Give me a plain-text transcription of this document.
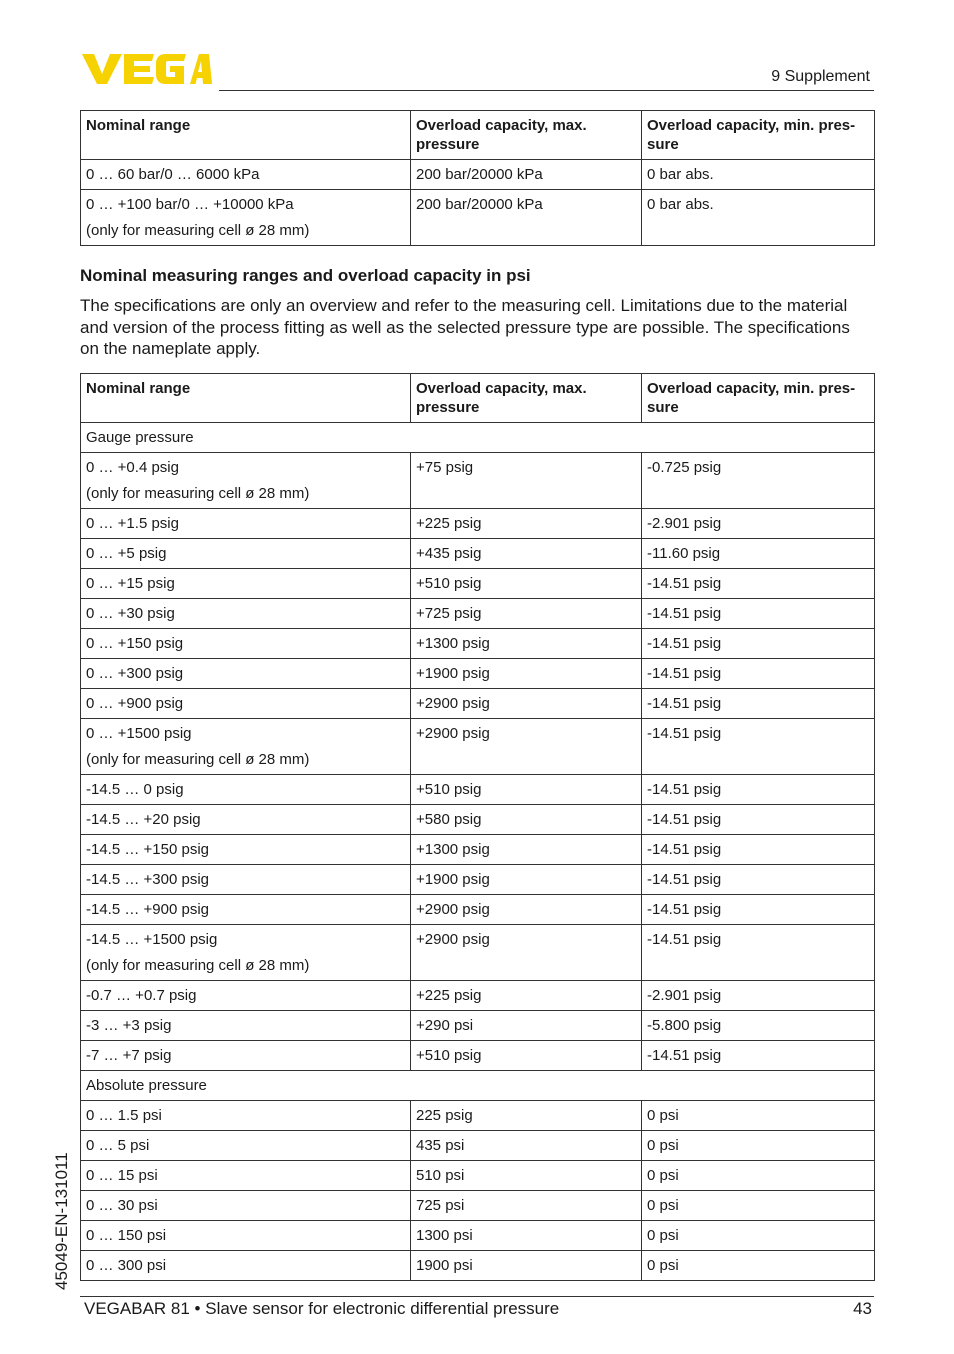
9 Supplement
Nominal range	Overload capacity, max. pressure	Overload capacity, min. pres-sure
0 … 60 bar/0 … 6000 kPa	200 bar/20000 kPa	0 bar abs.

0 … +100 bar/0 … +10000 kPa
(only for measuring cell ø 28 mm)	200 bar/20000 kPa	0 bar abs.
Nominal measuring ranges and overload capacity in psi
The specifications are only an overview and refer to the measuring cell. Limitations due to the material and version of the process fitting as well as the selected pressure type are possible. The specifications on the nameplate apply.
Nominal range	Overload capacity, max. pressure	Overload capacity, min. pres-sure
Gauge pressure		

0 … +0.4 psig
(only for measuring cell ø 28 mm)	+75 psig	-0.725 psig

0 … +1.5 psig	+225 psig	-2.901 psig

0 … +5 psig	+435 psig	-11.60 psig

0 … +15 psig	+510 psig	-14.51 psig

0 … +30 psig	+725 psig	-14.51 psig

0 … +150 psig	+1300 psig	-14.51 psig

0 … +300 psig	+1900 psig	-14.51 psig

0 … +900 psig	+2900 psig	-14.51 psig

0 … +1500 psig
(only for measuring cell ø 28 mm)	+2900 psig	-14.51 psig

-14.5 … 0 psig	+510 psig	-14.51 psig

-14.5 … +20 psig	+580 psig	-14.51 psig

-14.5 … +150 psig	+1300 psig	-14.51 psig

-14.5 … +300 psig	+1900 psig	-14.51 psig

-14.5 … +900 psig	+2900 psig	-14.51 psig

-14.5 … +1500 psig
(only for measuring cell ø 28 mm)	+2900 psig	-14.51 psig

-0.7 … +0.7 psig	+225 psig	-2.901 psig

-3 … +3 psig	+290 psi	-5.800 psig

-7 … +7 psig	+510 psig	-14.51 psig
Absolute pressure		

0 … 1.5 psi	225 psig	0 psi

0 … 5 psi	435 psi	0 psi

0 … 15 psi	510 psi	0 psi

0 … 30 psi	725 psi	0 psi

0 … 150 psi	1300 psi	0 psi

0 … 300 psi	1900 psi	0 psi
45049-EN-131011
VEGABAR 81 • Slave sensor for electronic differential pressure	43
